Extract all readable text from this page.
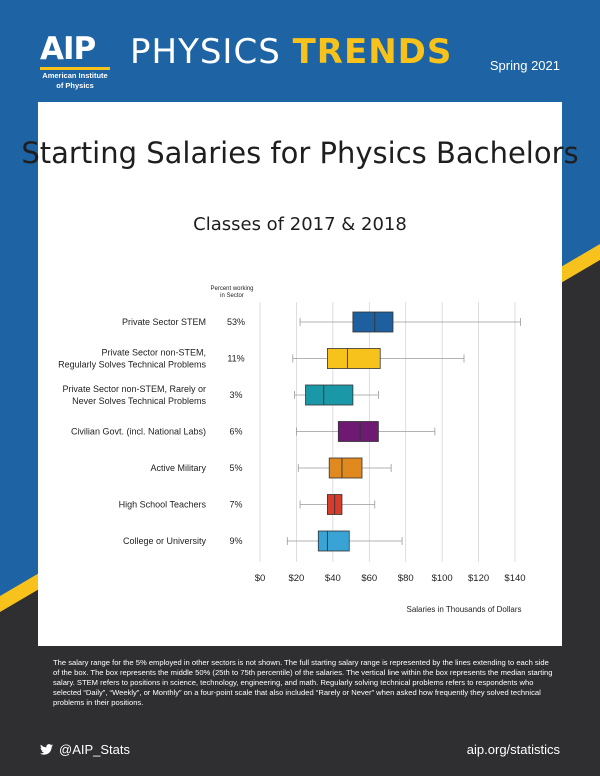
AIP
American Institute
of Physics
PHYSICS TRENDS	Spring 2021
Starting Salaries for Physics Bachelors
Classes of 2017 & 2018
Percent working
in Sector
Private Sector STEM 53%
Private Sector non-STEM,
Regularly Solves Technical Problems
11%
Private Sector non-STEM, Rarely or
Never Solves Technical Problems
3%
Civilian Govt. (incl. National Labs)	6%
Active Military	5%
High School Teachers	7%
College or University	9%
$0 $20 $40 $60 $80 $100 $120 $140
Salaries in Thousands of Dollars
The salary range for the 5% employed in other sectors is not shown. The full starting salary range is represented by the lines extending to each side of the box. The box represents the middle 50% (25th to 75th percentile) of the salaries. The vertical line within the box represents the median starting salary. STEM refers to positions in science, technology, engineering, and math. Regularly solving technical problems refers to respondents who selected “Daily”, “Weekly”, or Monthly” on a four-point scale that also included “Rarely or Never” when asked how frequently they solved technical problems in their positions.
@AIP_Stats	aip.org/statistics
